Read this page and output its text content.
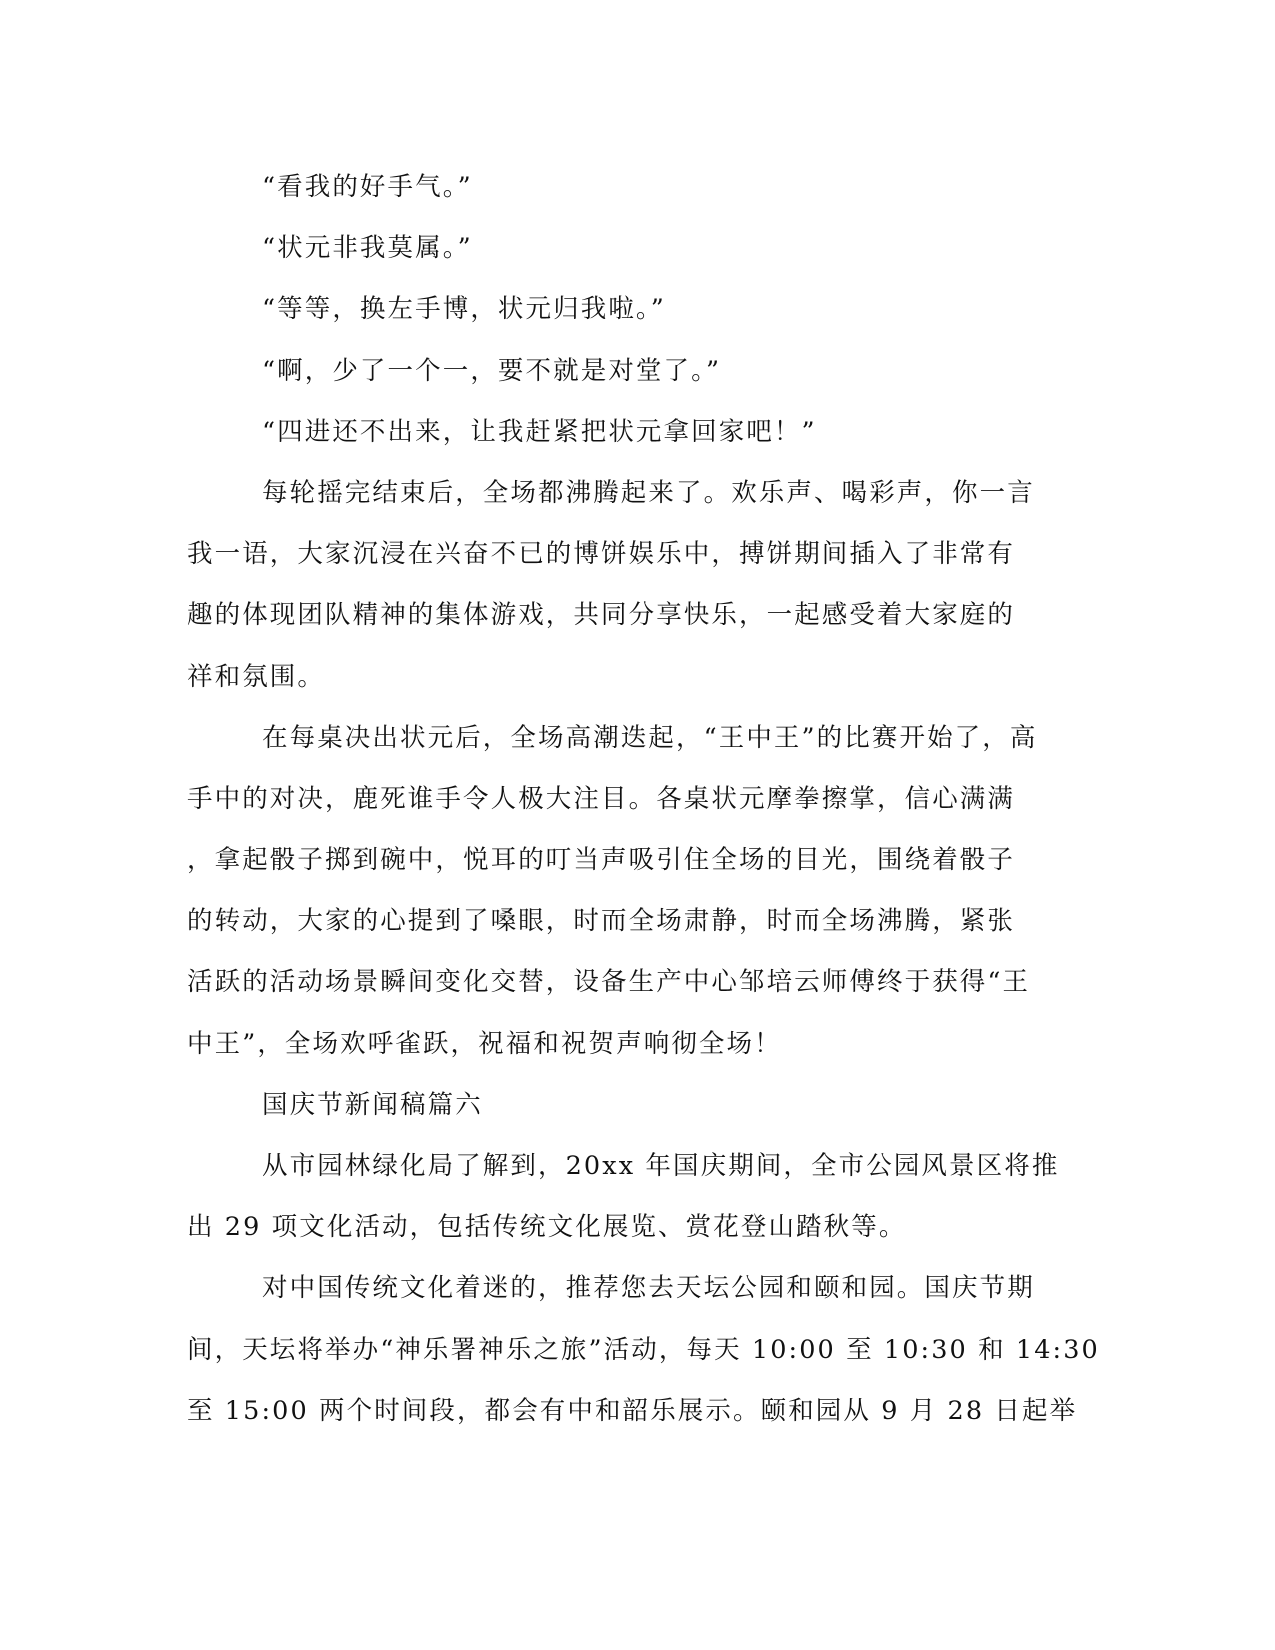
“看我的好手气。”
“状元非我莫属。”
“等等，换左手博，状元归我啦。”
“啊，少了一个一，要不就是对堂了。”
“四进还不出来，让我赶紧把状元拿回家吧！”
每轮摇完结束后，全场都沸腾起来了。欢乐声、喝彩声，你一言
我一语，大家沉浸在兴奋不已的博饼娱乐中，搏饼期间插入了非常有
趣的体现团队精神的集体游戏，共同分享快乐，一起感受着大家庭的
祥和氛围。
在每桌决出状元后，全场高潮迭起，“王中王”的比赛开始了，高
手中的对决，鹿死谁手令人极大注目。各桌状元摩拳擦掌，信心满满
，拿起骰子掷到碗中，悦耳的叮当声吸引住全场的目光，围绕着骰子
的转动，大家的心提到了嗓眼，时而全场肃静，时而全场沸腾，紧张
活跃的活动场景瞬间变化交替，设备生产中心邹培云师傅终于获得“王
中王”，全场欢呼雀跃，祝福和祝贺声响彻全场！
国庆节新闻稿篇六
从市园林绿化局了解到，20xx 年国庆期间，全市公园风景区将推
出 29 项文化活动，包括传统文化展览、赏花登山踏秋等。
对中国传统文化着迷的，推荐您去天坛公园和颐和园。国庆节期
间，天坛将举办“神乐署神乐之旅”活动，每天 10:00 至 10:30 和 14:30
至 15:00 两个时间段，都会有中和韶乐展示。颐和园从 9 月 28 日起举
